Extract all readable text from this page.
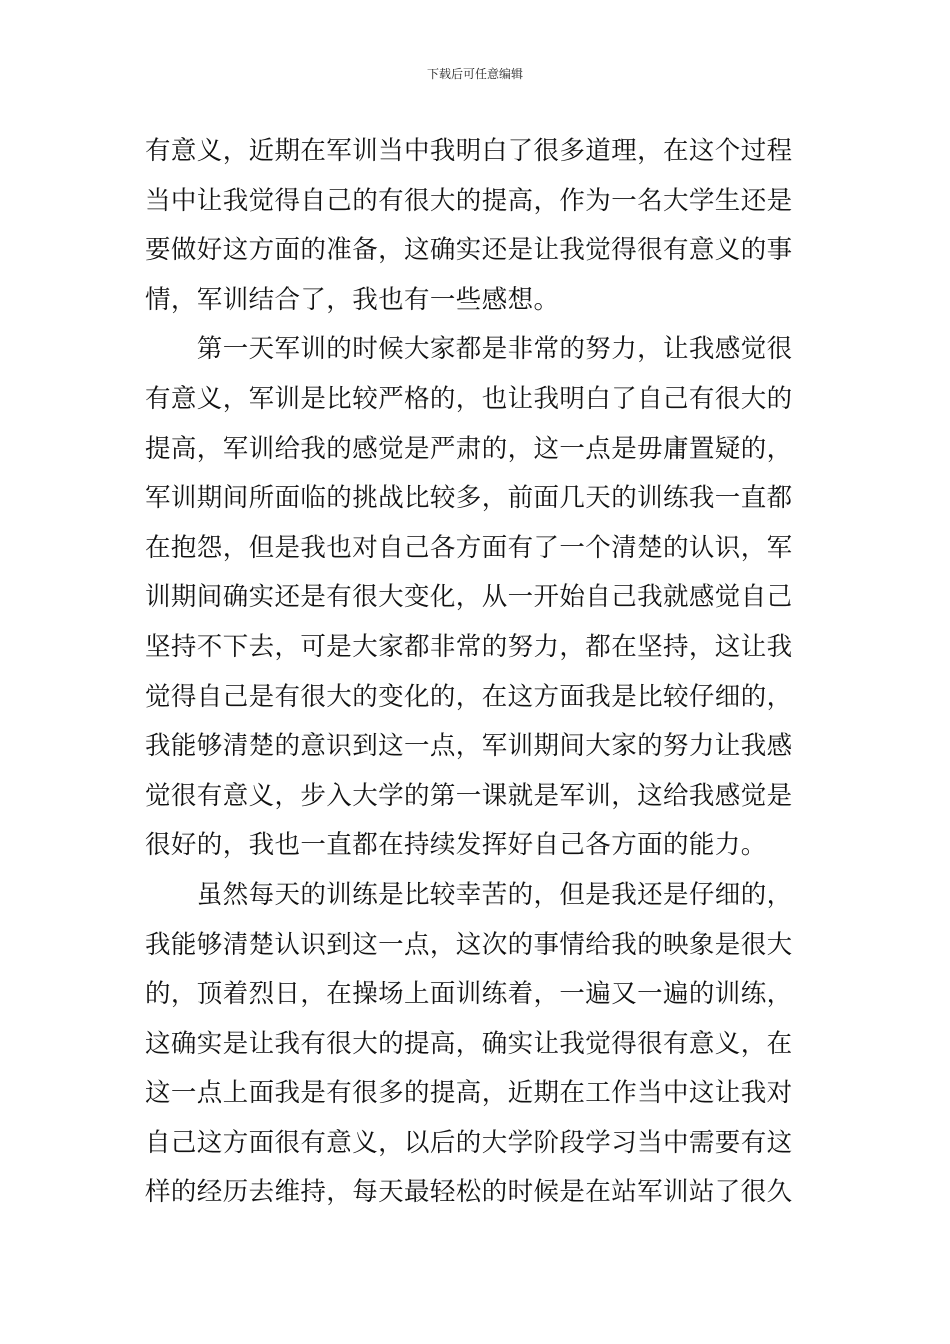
下载后可任意编辑
有意义，近期在军训当中我明白了很多道理，在这个过程
当中让我觉得自己的有很大的提高，作为一名大学生还是
要做好这方面的准备，这确实还是让我觉得很有意义的事
情，军训结合了，我也有一些感想。
　　第一天军训的时候大家都是非常的努力，让我感觉很
有意义，军训是比较严格的，也让我明白了自己有很大的
提高，军训给我的感觉是严肃的，这一点是毋庸置疑的，
军训期间所面临的挑战比较多，前面几天的训练我一直都
在抱怨，但是我也对自己各方面有了一个清楚的认识，军
训期间确实还是有很大变化，从一开始自己我就感觉自己
坚持不下去，可是大家都非常的努力，都在坚持，这让我
觉得自己是有很大的变化的，在这方面我是比较仔细的，
我能够清楚的意识到这一点，军训期间大家的努力让我感
觉很有意义，步入大学的第一课就是军训，这给我感觉是
很好的，我也一直都在持续发挥好自己各方面的能力。
　　虽然每天的训练是比较幸苦的，但是我还是仔细的，
我能够清楚认识到这一点，这次的事情给我的映象是很大
的，顶着烈日，在操场上面训练着，一遍又一遍的训练，
这确实是让我有很大的提高，确实让我觉得很有意义，在
这一点上面我是有很多的提高，近期在工作当中这让我对
自己这方面很有意义，以后的大学阶段学习当中需要有这
样的经历去维持，每天最轻松的时候是在站军训站了很久
